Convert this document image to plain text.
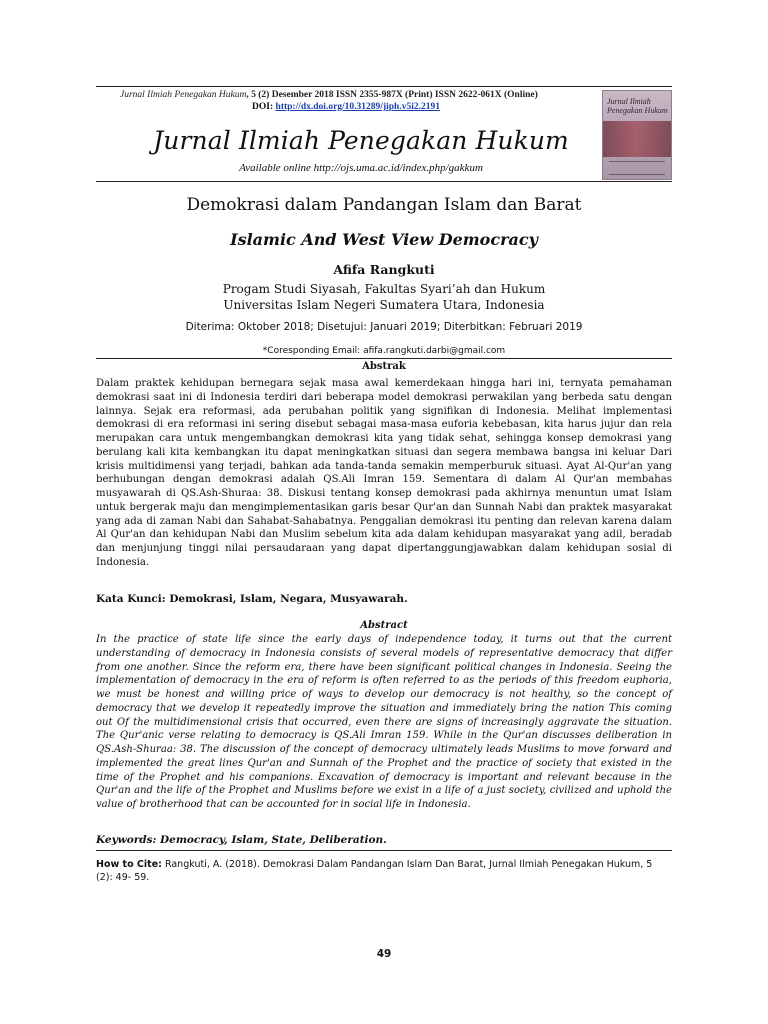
Jurnal Ilmiah Penegakan Hukum, 5 (2) Desember 2018 ISSN 2355-987X (Print) ISSN 2622-061X (Online)
DOI: http://dx.doi.org/10.31289/jiph.v5i2.2191
Jurnal Ilmiah Penegakan Hukum
Available online http://ojs.uma.ac.id/index.php/gakkum
Jurnal Ilmiah Penegakan Hukum
Demokrasi dalam Pandangan Islam dan Barat
Islamic And West View Democracy
Afifa Rangkuti
Progam Studi Siyasah, Fakultas Syari’ah dan Hukum
Universitas Islam Negeri Sumatera Utara, Indonesia
Diterima: Oktober 2018; Disetujui: Januari 2019; Diterbitkan: Februari 2019
*Coresponding Email: afifa.rangkuti.darbi@gmail.com
Abstrak

Dalam praktek kehidupan bernegara sejak masa awal kemerdekaan hingga hari ini, ternyata pemahaman demokrasi saat ini di Indonesia terdiri dari beberapa model demokrasi perwakilan yang berbeda satu dengan lainnya. Sejak era reformasi, ada perubahan politik yang signifikan di Indonesia. Melihat implementasi demokrasi di era reformasi ini sering disebut sebagai masa-masa euforia kebebasan, kita harus jujur dan rela merupakan cara untuk mengembangkan demokrasi kita yang tidak sehat, sehingga konsep demokrasi yang berulang kali kita kembangkan itu dapat meningkatkan situasi dan segera membawa bangsa ini keluar Dari krisis multidimensi yang terjadi, bahkan ada tanda-tanda semakin memperburuk situasi. Ayat Al-Qur'an yang berhubungan dengan demokrasi adalah QS.Ali Imran 159. Sementara di dalam Al Qur'an membahas musyawarah di QS.Ash-Shuraa: 38. Diskusi tentang konsep demokrasi pada akhirnya menuntun umat Islam untuk bergerak maju dan mengimplementasikan garis besar Qur'an dan Sunnah Nabi dan praktek masyarakat yang ada di zaman Nabi dan Sahabat-Sahabatnya. Penggalian demokrasi itu penting dan relevan karena dalam Al Qur'an dan kehidupan Nabi dan Muslim sebelum kita ada dalam kehidupan masyarakat yang adil, beradab dan menjunjung tinggi nilai persaudaraan yang dapat dipertanggungjawabkan dalam kehidupan sosial di Indonesia.

Kata Kunci: Demokrasi, Islam, Negara, Musyawarah.
Abstract

In the practice of state life since the early days of independence today, it turns out that the current understanding of democracy in Indonesia consists of several models of representative democracy that differ from one another. Since the reform era, there have been significant political changes in Indonesia. Seeing the implementation of democracy in the era of reform is often referred to as the periods of this freedom euphoria, we must be honest and willing price of ways to develop our democracy is not healthy, so the concept of democracy that we develop it repeatedly improve the situation and immediately bring the nation This coming out Of the multidimensional crisis that occurred, even there are signs of increasingly aggravate the situation. The Qur'anic verse relating to democracy is QS.Ali Imran 159. While in the Qur'an discusses deliberation in QS.Ash-Shuraa: 38. The discussion of the concept of democracy ultimately leads Muslims to move forward and implemented the great lines Qur'an and Sunnah of the Prophet and the practice of society that existed in the time of the Prophet and his companions. Excavation of democracy is important and relevant because in the Qur'an and the life of the Prophet and Muslims before we exist in a life of a just society, civilized and uphold the value of brotherhood that can be accounted for in social life in Indonesia.

Keywords: Democracy, Islam, State, Deliberation.
How to Cite: Rangkuti, A. (2018). Demokrasi Dalam Pandangan Islam Dan Barat, Jurnal Ilmiah Penegakan Hukum, 5 (2): 49- 59.
49
